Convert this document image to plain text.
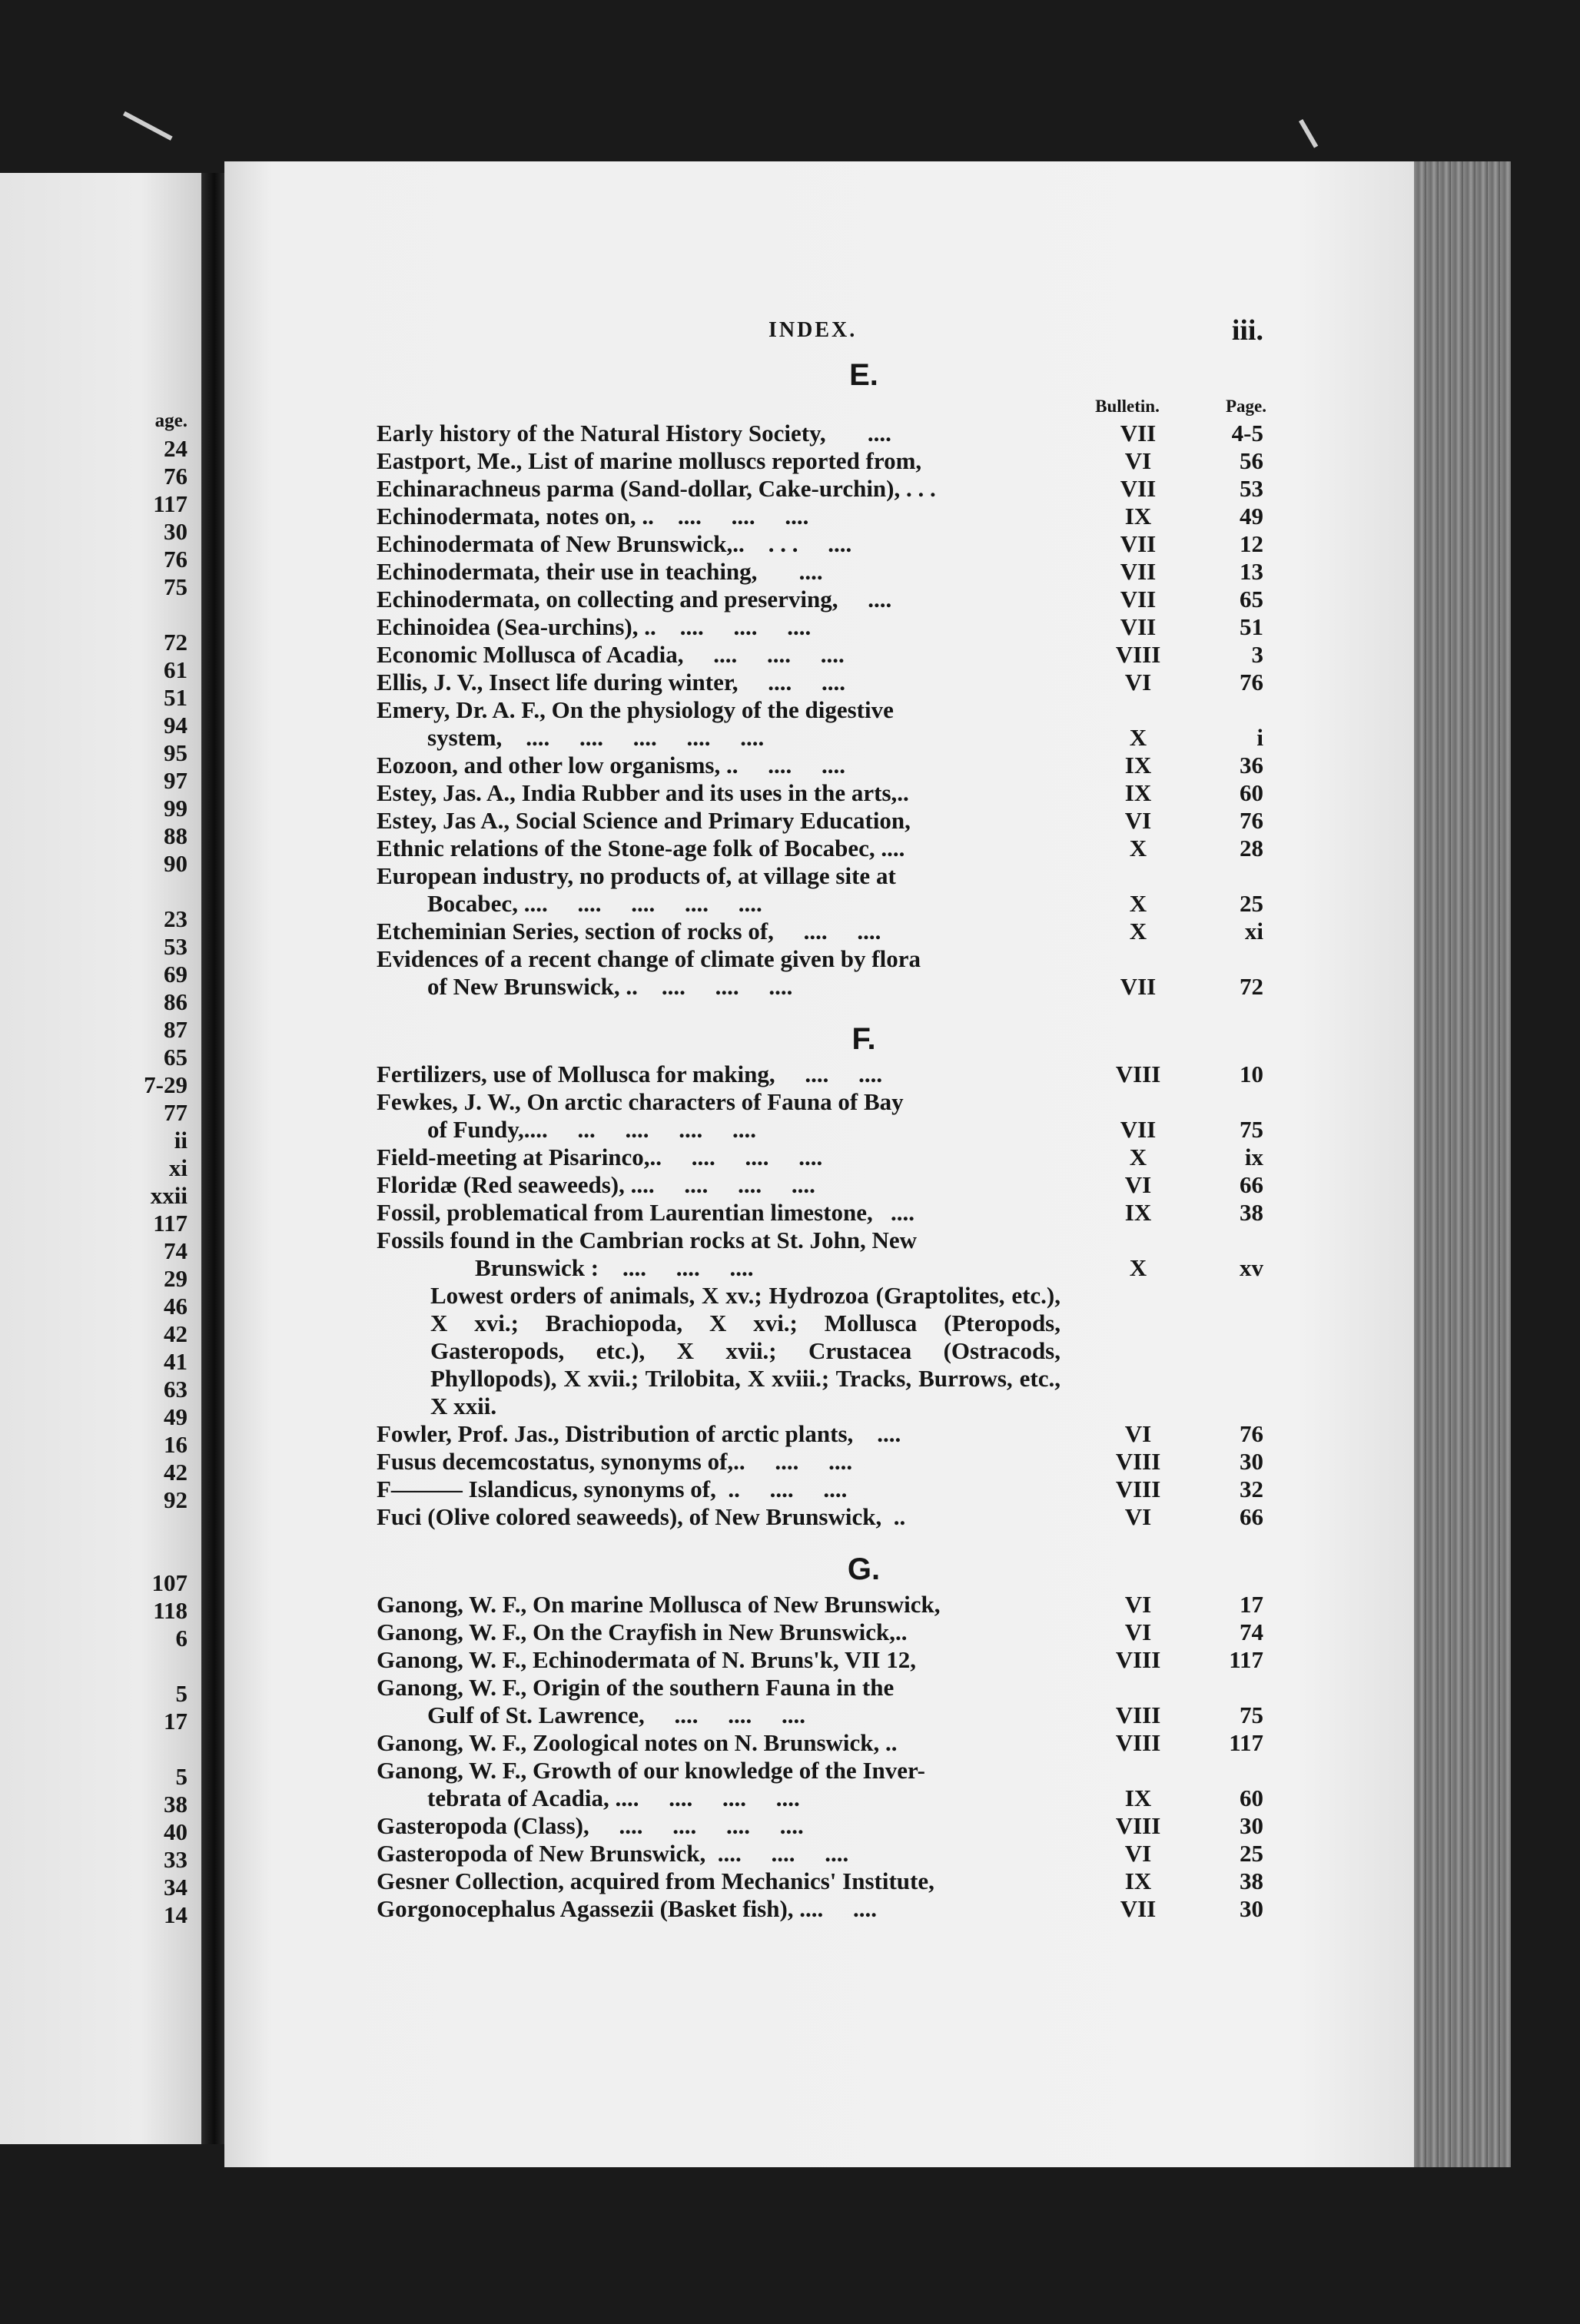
age.
24
76
117
30
76
75
72
61
51
94
95
97
99
88
90
23
53
69
86
87
65
7-29
77
ii
xi
xxii
117
74
29
46
42
41
63
49
16
42
92
107
118
6
5
17
5
38
40
33
34
14
INDEX.	iii.
E.
Bulletin.	Page.
Early history of the Natural History Society,       ....	VII	4-5
Eastport, Me., List of marine molluscs reported from,	VI	56
Echinarachneus parma (Sand-dollar, Cake-urchin), . . .	VII	53
Echinodermata, notes on, ..    ....     ....     ....	IX	49
Echinodermata of New Brunswick,..    . . .     ....	VII	12
Echinodermata, their use in teaching,       ....	VII	13
Echinodermata, on collecting and preserving,     ....	VII	65
Echinoidea (Sea-urchins), ..    ....     ....     ....	VII	51
Economic Mollusca of Acadia,     ....     ....     ....	VIII	3
Ellis, J. V., Insect life during winter,     ....     ....	VI	76
Emery, Dr. A. F., On the physiology of the digestive
system,    ....     ....     ....     ....     ....	X	i
Eozoon, and other low organisms, ..     ....     ....	IX	36
Estey, Jas. A., India Rubber and its uses in the arts,..	IX	60
Estey, Jas A., Social Science and Primary Education,	VI	76
Ethnic relations of the Stone-age folk of Bocabec, ....	X	28
European industry, no products of, at village site at
Bocabec, ....     ....     ....     ....     ....	X	25
Etcheminian Series, section of rocks of,     ....     ....	X	xi
Evidences of a recent change of climate given by flora
of New Brunswick, ..    ....     ....     ....	VII	72
F.
Fertilizers, use of Mollusca for making,     ....     ....	VIII	10
Fewkes, J. W., On arctic characters of Fauna of Bay
of Fundy,....     ...     ....     ....     ....	VII	75
Field-meeting at Pisarinco,..     ....     ....     ....	X	ix
Floridæ (Red seaweeds), ....     ....     ....     ....	VI	66
Fossil, problematical from Laurentian limestone,   ....	IX	38
Fossils found in the Cambrian rocks at St. John, New
Brunswick :    ....     ....     ....	X	xv
Lowest orders of animals, X xv.; Hydrozoa (Graptolites, etc.), X xvi.; Brachiopoda, X xvi.; Mollusca (Pteropods, Gasteropods, etc.), X xvii.; Crustacea (Ostracods, Phyllopods), X xvii.; Trilobita, X xviii.; Tracks, Burrows, etc., X xxii.
Fowler, Prof. Jas., Distribution of arctic plants,    ....	VI	76
Fusus decemcostatus, synonyms of,..     ....     ....	VIII	30
F——— Islandicus, synonyms of,  ..     ....     ....	VIII	32
Fuci (Olive colored seaweeds), of New Brunswick,  ..	VI	66
G.
Ganong, W. F., On marine Mollusca of New Brunswick,	VI	17
Ganong, W. F., On the Crayfish in New Brunswick,..	VI	74
Ganong, W. F., Echinodermata of N. Bruns'k, VII 12,	VIII	117
Ganong, W. F., Origin of the southern Fauna in the
Gulf of St. Lawrence,     ....     ....     ....	VIII	75
Ganong, W. F., Zoological notes on N. Brunswick, ..	VIII	117
Ganong, W. F., Growth of our knowledge of the Inver-
tebrata of Acadia, ....     ....     ....     ....	IX	60
Gasteropoda (Class),     ....     ....     ....     ....	VIII	30
Gasteropoda of New Brunswick,  ....     ....     ....	VI	25
Gesner Collection, acquired from Mechanics' Institute,	IX	38
Gorgonocephalus Agassezii (Basket fish), ....     ....	VII	30
